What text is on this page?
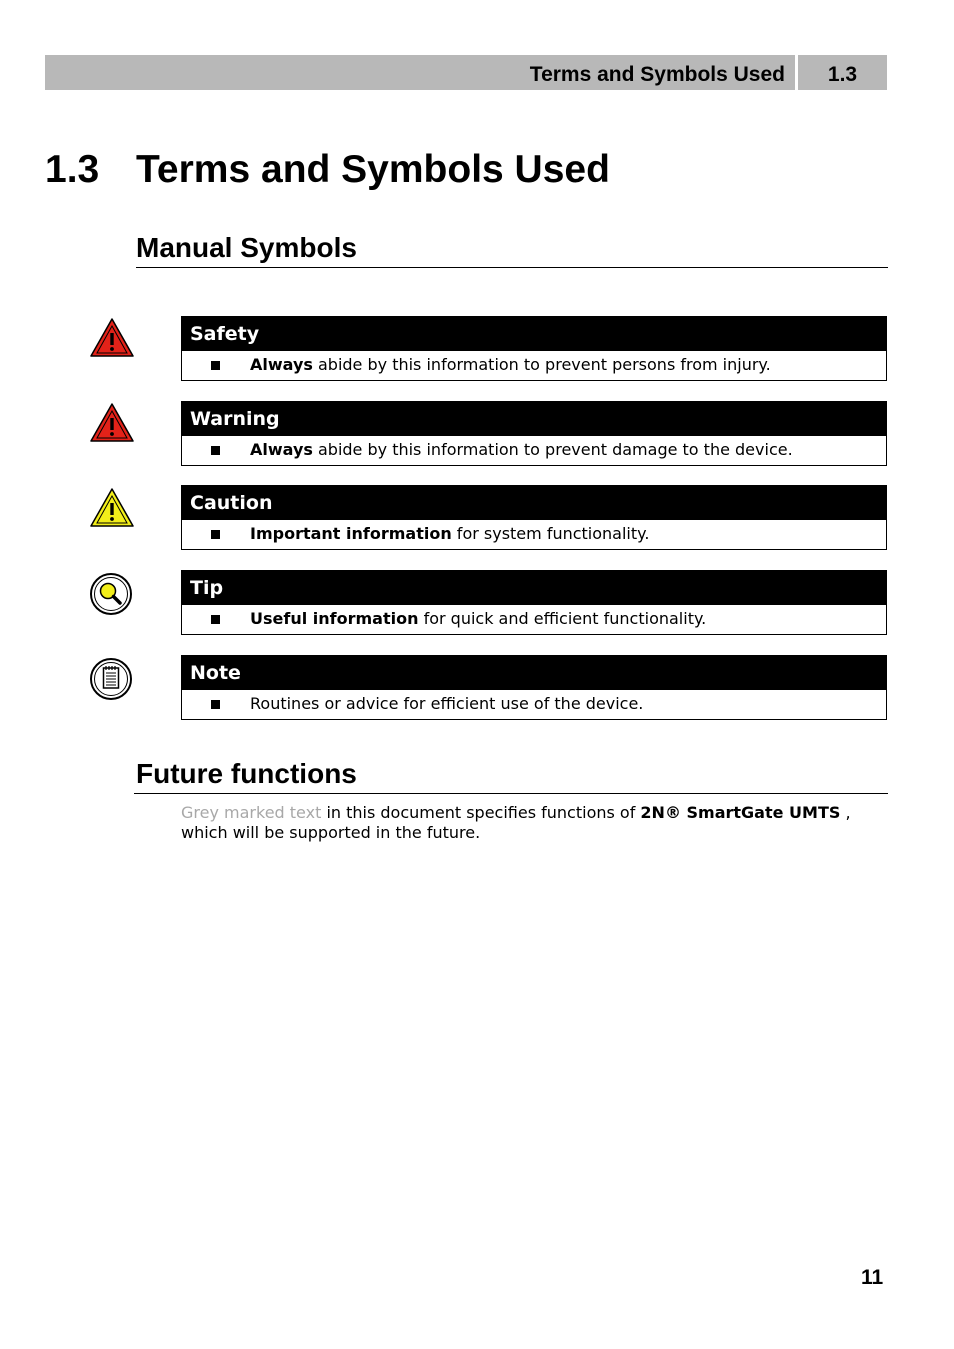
Terms and Symbols Used	1.3
1.3 Terms and Symbols Used
Manual Symbols
Safety
Always abide by this information to prevent persons from injury.
Warning
Always abide by this information to prevent damage to the device.
Caution
Important information for system functionality.
Tip
Useful information for quick and efficient functionality.
Note
Routines or advice for efficient use of the device.
Future functions

Grey marked text in this document specifies functions of 2N® SmartGate UMTS , which will be supported in the future.

11
